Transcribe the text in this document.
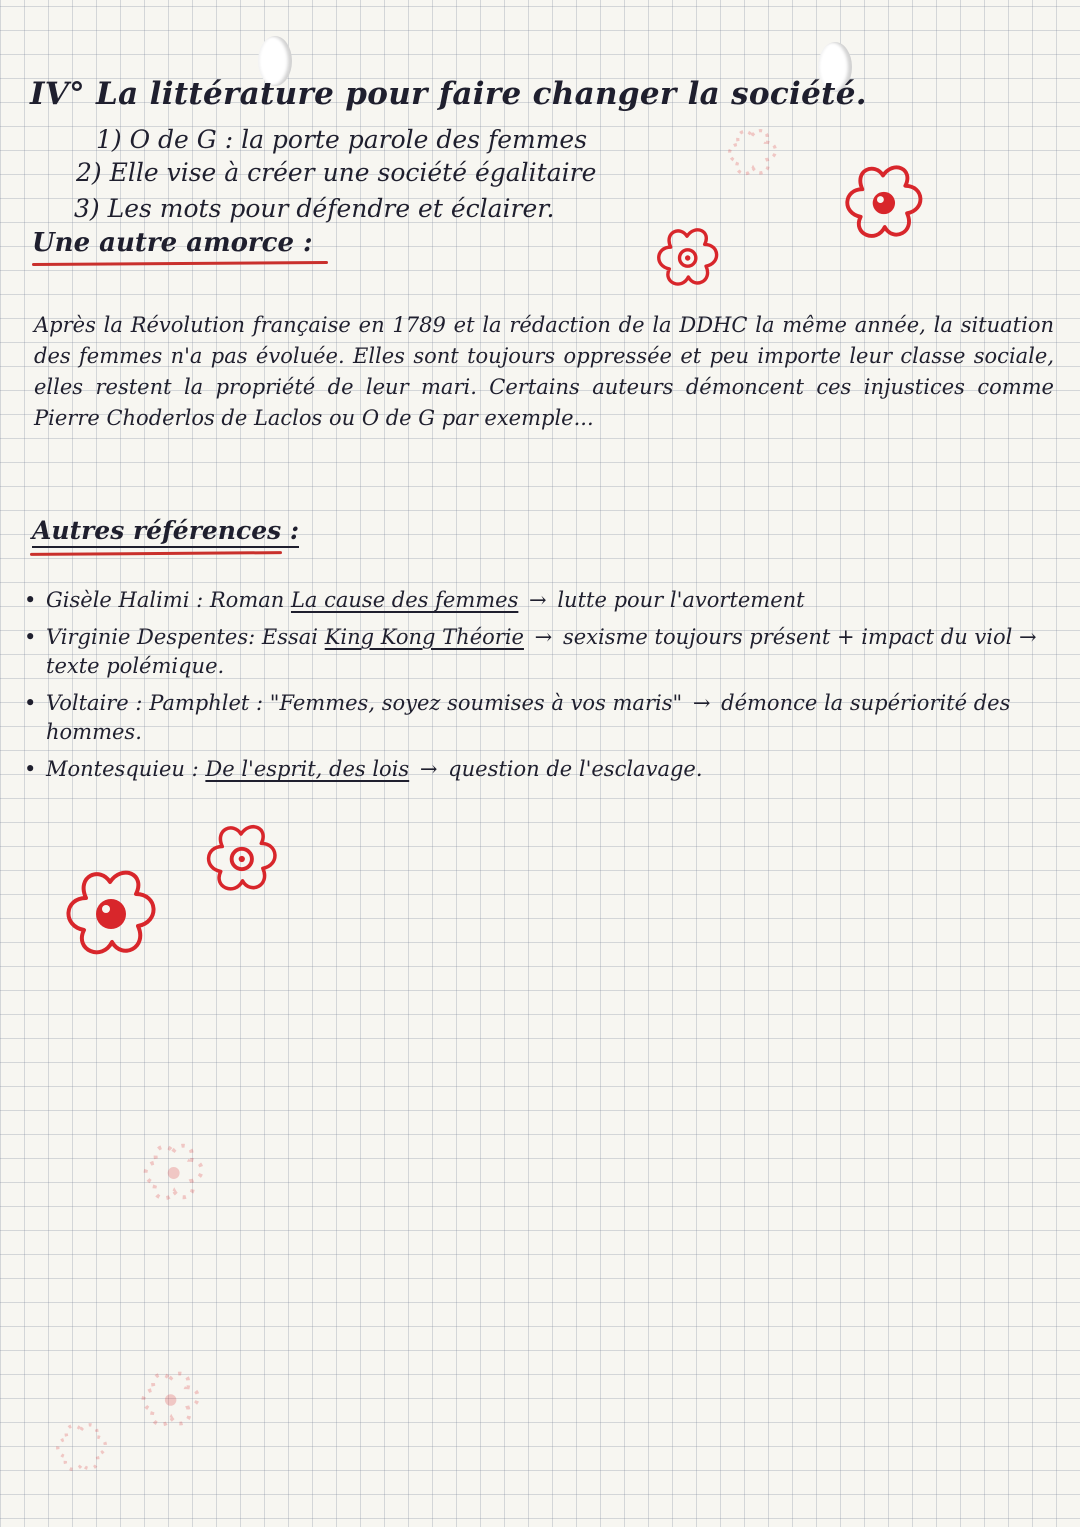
IV° La littérature pour faire changer la société.

1) O de G : la porte parole des femmes

2) Elle vise à créer une société égalitaire

3) Les mots pour défendre et éclairer.

Une autre amorce :

Après la Révolution française en 1789 et la rédaction de la DDHC la même année, la situation des femmes n'a pas évoluée. Elles sont toujours oppressée et peu importe leur classe sociale, elles restent la propriété de leur mari. Certains auteurs démoncent ces injustices comme Pierre Choderlos de Laclos ou O de G par exemple...

Autres références :
• Gisèle Halimi : Roman La cause des femmes → lutte pour l'avortement
• Virginie Despentes: Essai King Kong Théorie → sexisme toujours présent + impact du viol → texte polémique.
• Voltaire : Pamphlet : "Femmes, soyez soumises à vos maris" → démonce la supériorité des hommes.
• Montesquieu : De l'esprit, des lois → question de l'esclavage.
